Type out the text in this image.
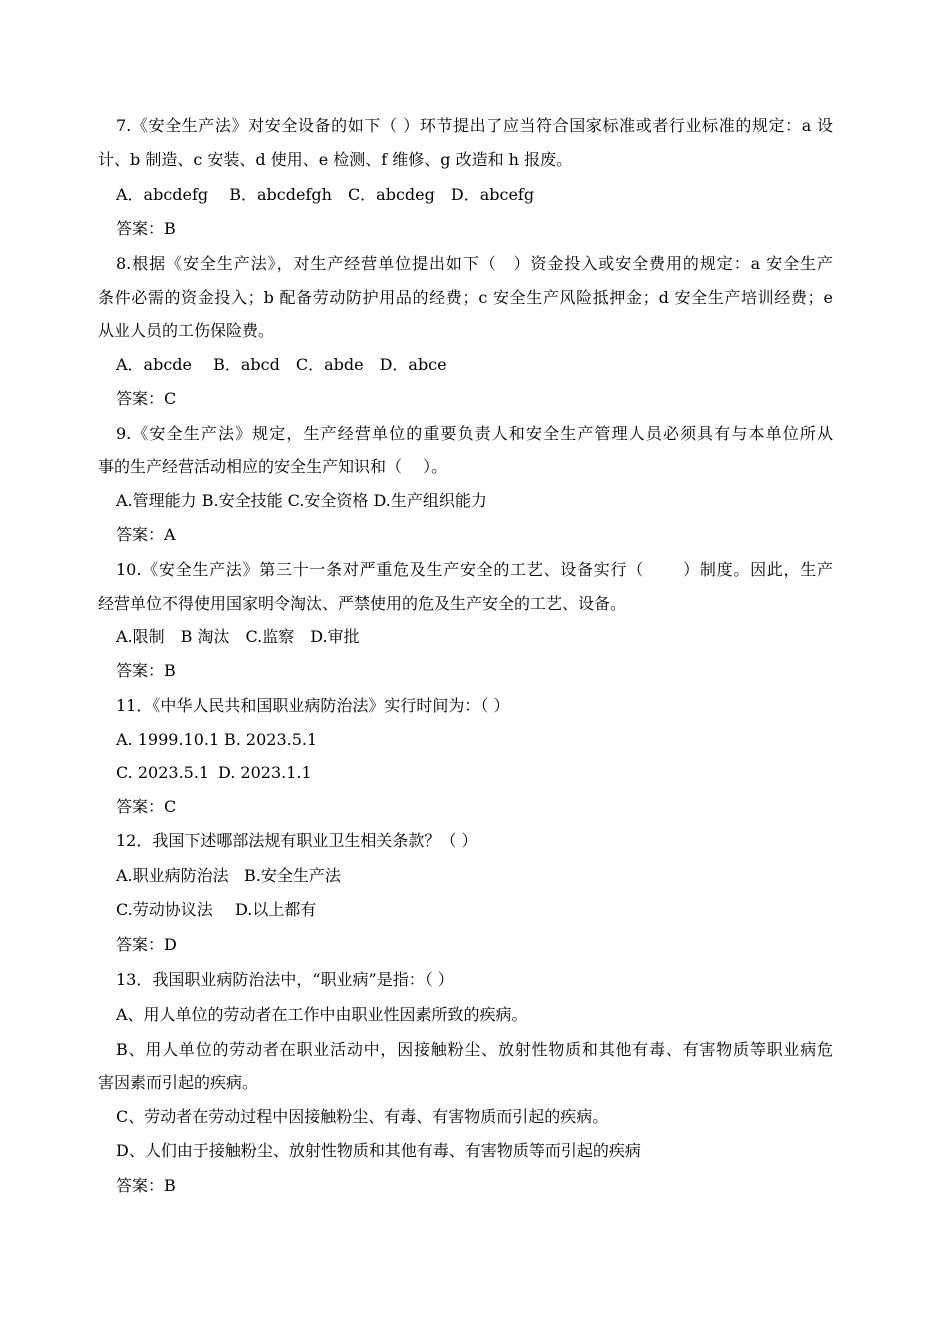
7.《安全生产法》对安全设备的如下（ ）环节提出了应当符合国家标准或者行业标准的规定：a 设
计、b 制造、c 安装、d 使用、e 检测、f 维修、g 改造和 h 报废。
A．abcdefg　 B．abcdefgh　C．abcdeg　D．abcefg
答案：B
8.根据《安全生产法》，对生产经营单位提出如下（　）资金投入或安全费用的规定：a 安全生产
条件必需的资金投入；b 配备劳动防护用品的经费；c 安全生产风险抵押金；d 安全生产培训经费；e
从业人员的工伤保险费。
A．abcde　 B．abcd　C．abde　D．abce
答案：C
9.《安全生产法》规定，生产经营单位的重要负责人和安全生产管理人员必须具有与本单位所从
事的生产经营活动相应的安全生产知识和（　 ）。
A.管理能力 B.安全技能 C.安全资格 D.生产组织能力
答案：A
10.《安全生产法》第三十一条对严重危及生产安全的工艺、设备实行（　　 ）制度。因此，生产
经营单位不得使用国家明令淘汰、严禁使用的危及生产安全的工艺、设备。
A.限制　B 淘汰　C.监察　D.审批
答案：B
11．《中华人民共和国职业病防治法》实行时间为：（ ）
A. 1999.10.1 B. 2023.5.1
C. 2023.5.1 D. 2023.1.1
答案：C
12．我国下述哪部法规有职业卫生相关条款？（ ）
A.职业病防治法 B.安全生产法
C.劳动协议法 D.以上都有
答案：D
13．我国职业病防治法中，“职业病”是指：（ ）
A、用人单位的劳动者在工作中由职业性因素所致的疾病。
B、用人单位的劳动者在职业活动中，因接触粉尘、放射性物质和其他有毒、有害物质等职业病危
害因素而引起的疾病。
C、劳动者在劳动过程中因接触粉尘、有毒、有害物质而引起的疾病。
D、人们由于接触粉尘、放射性物质和其他有毒、有害物质等而引起的疾病
答案：B
